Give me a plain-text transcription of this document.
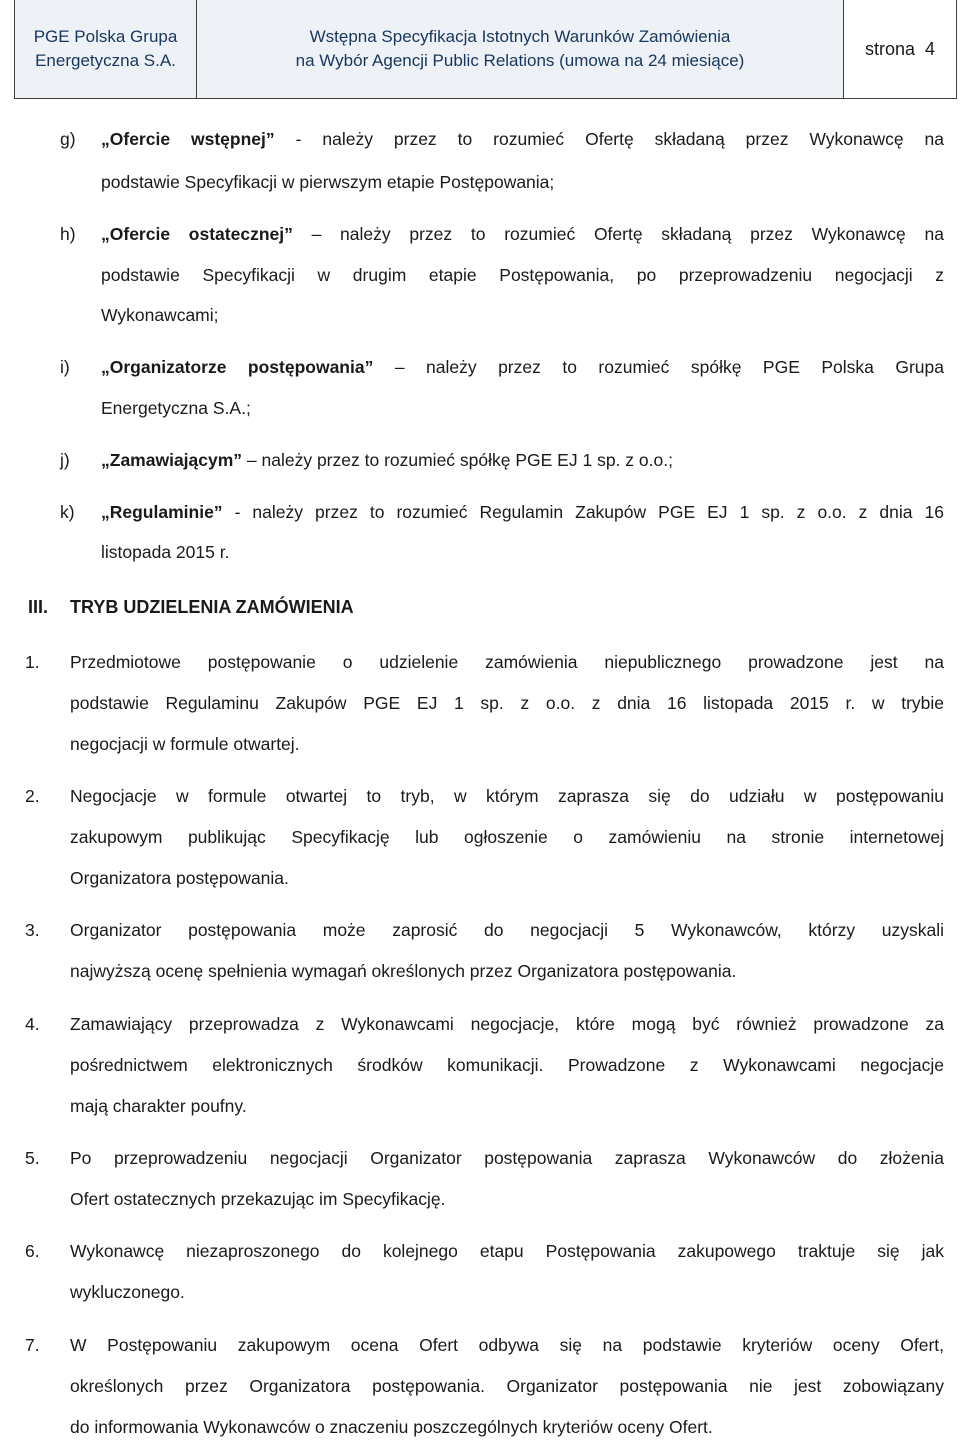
PGE Polska Grupa
Energetyczna S.A.
Wstępna Specyfikacja Istotnych Warunków Zamówienia
na Wybór Agencji Public Relations (umowa na 24 miesiące)
strona  4
g) „Ofercie wstępnej” - należy przez to rozumieć Ofertę składaną przez Wykonawcę na
podstawie Specyfikacji w pierwszym etapie Postępowania;
h) „Ofercie ostatecznej” – należy przez to rozumieć Ofertę składaną przez Wykonawcę na
podstawie Specyfikacji w drugim etapie Postępowania, po przeprowadzeniu negocjacji z
Wykonawcami;
i) „Organizatorze postępowania” – należy przez to rozumieć spółkę PGE Polska Grupa
Energetyczna S.A.;
j) „Zamawiającym” – należy przez to rozumieć spółkę PGE EJ 1 sp. z o.o.;
k) „Regulaminie” - należy przez to rozumieć Regulamin Zakupów PGE EJ 1 sp. z o.o. z dnia 16
listopada 2015 r.
III. TRYB UDZIELENIA ZAMÓWIENIA
1. Przedmiotowe postępowanie o udzielenie zamówienia niepublicznego prowadzone jest na
podstawie Regulaminu Zakupów PGE EJ 1 sp. z o.o. z dnia 16 listopada 2015 r. w trybie
negocjacji w formule otwartej.
2. Negocjacje w formule otwartej to tryb, w którym zaprasza się do udziału w postępowaniu
zakupowym publikując Specyfikację lub ogłoszenie o zamówieniu na stronie internetowej
Organizatora postępowania.
3. Organizator postępowania może zaprosić do negocjacji 5 Wykonawców, którzy uzyskali
najwyższą ocenę spełnienia wymagań określonych przez Organizatora postępowania.
4. Zamawiający przeprowadza z Wykonawcami negocjacje, które mogą być również prowadzone za
pośrednictwem elektronicznych środków komunikacji. Prowadzone z Wykonawcami negocjacje
mają charakter poufny.
5. Po przeprowadzeniu negocjacji Organizator postępowania zaprasza Wykonawców do złożenia
Ofert ostatecznych przekazując im Specyfikację.
6. Wykonawcę niezaproszonego do kolejnego etapu Postępowania zakupowego traktuje się jak
wykluczonego.
7. W Postępowaniu zakupowym ocena Ofert odbywa się na podstawie kryteriów oceny Ofert,
określonych przez Organizatora postępowania. Organizator postępowania nie jest zobowiązany
do informowania Wykonawców o znaczeniu poszczególnych kryteriów oceny Ofert.
